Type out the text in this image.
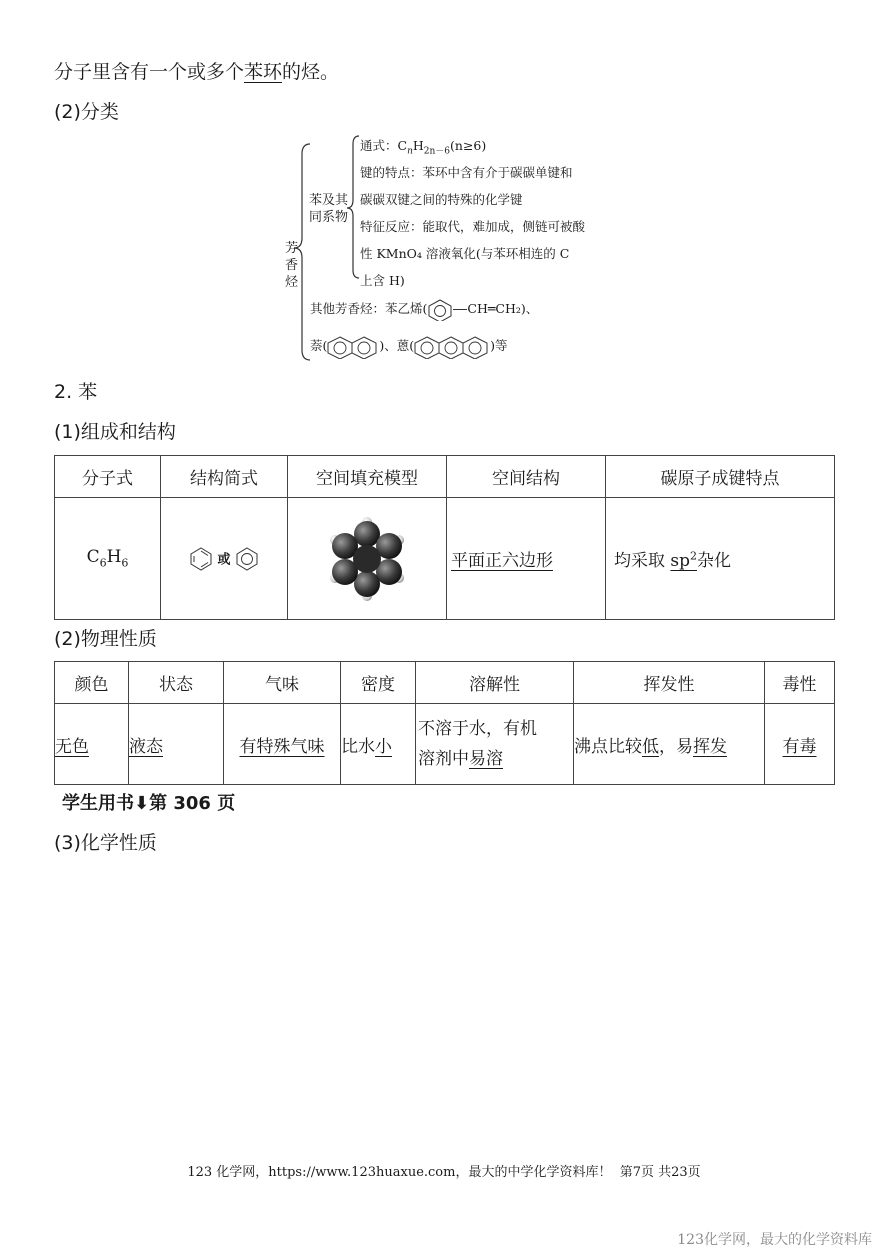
分子里含有一个或多个苯环的烃。
(2)分类
芳香烃
苯及其同系物
通式：$C_nH_{2n-6}(n\ge 6)$
键的特点：苯环中含有介于碳碳单键和
碳碳双键之间的特殊的化学键
特征反应：能取代，难加成，侧链可被酸
性 KMnO₄ 溶液氧化(与苯环相连的 C
上含 H)
其他芳香烃：苯乙烯(	CH═CH₂)、
萘(	)、蒽(	)等
2. 苯
(1)组成和结构
分子式	结构简式	空间填充模型	空间结构	碳原子成键特点
$C_6H_6$	或		平面正六边形	均采取 $sp^2$杂化
(2)物理性质
颜色	状态	气味	密度	溶解性	挥发性	毒性
无色	液态	有特殊气味	比水小	不溶于水，有机
溶剂中易溶	沸点比较低，易挥发	有毒
学生用书⬇第 306 页
(3)化学性质
123 化学网，https://www.123huaxue.com，最大的中学化学资料库！  第7页 共23页
123化学网，最大的化学资料库
